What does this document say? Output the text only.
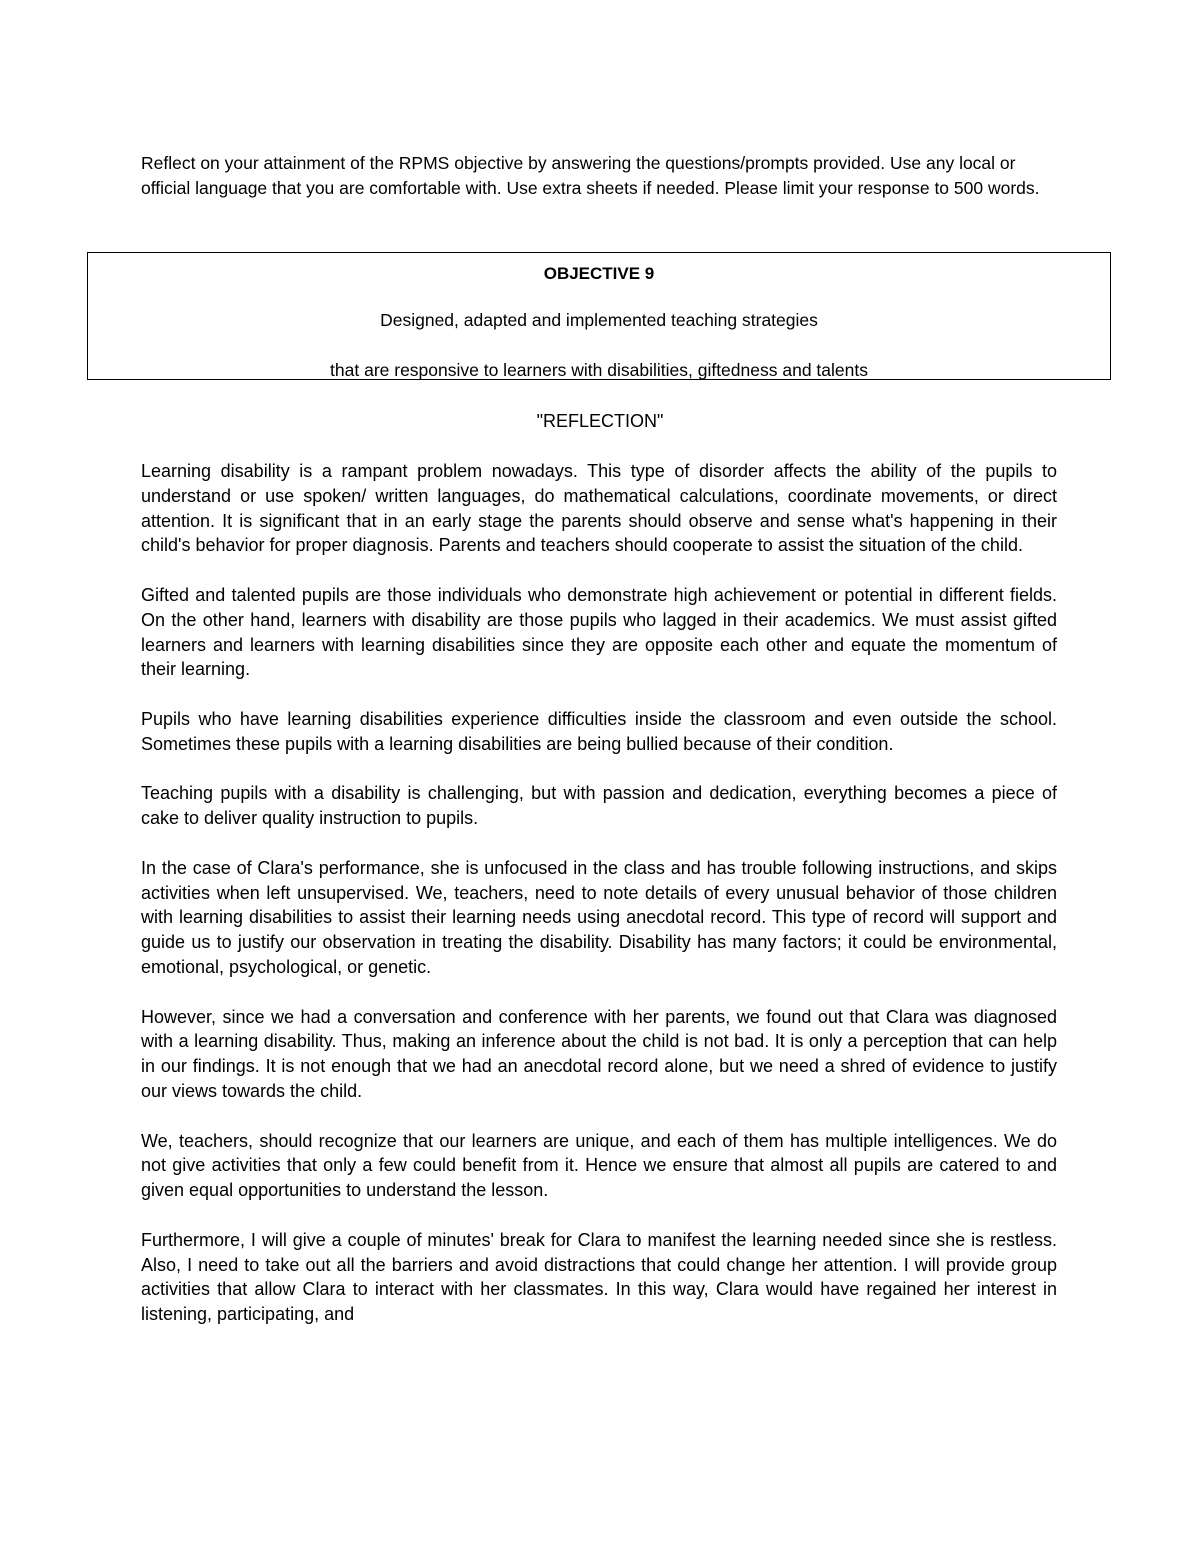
Reflect on your attainment of the RPMS objective by answering the questions/prompts provided. Use any local or official language that you are comfortable with. Use extra sheets if needed. Please limit your response to 500 words.

OBJECTIVE 9

Designed, adapted and implemented teaching strategies

that are responsive to learners with disabilities, giftedness and talents

"REFLECTION"

Learning disability is a rampant problem nowadays. This type of disorder affects the ability of the pupils to understand or use spoken/ written languages, do mathematical calculations, coordinate movements, or direct attention. It is significant that in an early stage the parents should observe and sense what's happening in their child's behavior for proper diagnosis. Parents and teachers should cooperate to assist the situation of the child.

Gifted and talented pupils are those individuals who demonstrate high achievement or potential in different fields. On the other hand, learners with disability are those pupils who lagged in their academics. We must assist gifted learners and learners with learning disabilities since they are opposite each other and equate the momentum of their learning.

Pupils who have learning disabilities experience difficulties inside the classroom and even outside the school. Sometimes these pupils with a learning disabilities are being bullied because of their condition.

Teaching pupils with a disability is challenging, but with passion and dedication, everything becomes a piece of cake to deliver quality instruction to pupils.

In the case of Clara's performance, she is unfocused in the class and has trouble following instructions, and skips activities when left unsupervised. We, teachers, need to note details of every unusual behavior of those children with learning disabilities to assist their learning needs using anecdotal record. This type of record will support and guide us to justify our observation in treating the disability. Disability has many factors; it could be environmental, emotional, psychological, or genetic.

However, since we had a conversation and conference with her parents, we found out that Clara was diagnosed with a learning disability. Thus, making an inference about the child is not bad. It is only a perception that can help in our findings. It is not enough that we had an anecdotal record alone, but we need a shred of evidence to justify our views towards the child.

We, teachers, should recognize that our learners are unique, and each of them has multiple intelligences. We do not give activities that only a few could benefit from it. Hence we ensure that almost all pupils are catered to and given equal opportunities to understand the lesson.

Furthermore, I will give a couple of minutes' break for Clara to manifest the learning needed since she is restless. Also, I need to take out all the barriers and avoid distractions that could change her attention. I will provide group activities that allow Clara to interact with her classmates. In this way, Clara would have regained her interest in listening, participating, and
